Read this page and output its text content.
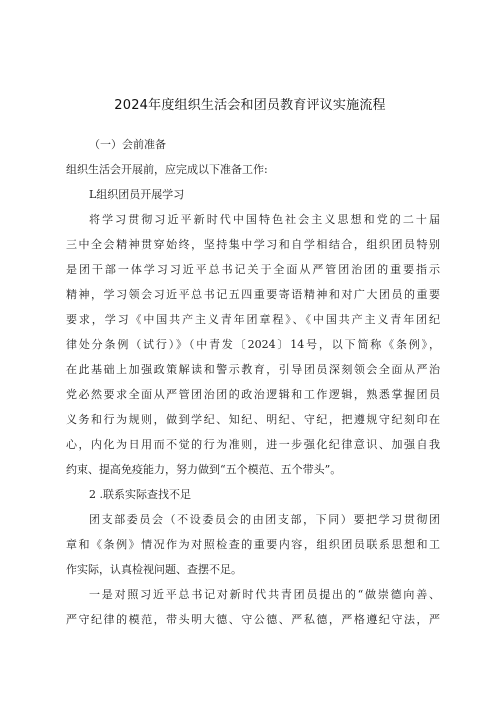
2024年度组织生活会和团员教育评议实施流程
（一）会前准备
组织生活会开展前，应完成以下准备工作:
L组织团员开展学习
将学习贯彻习近平新时代中国特色社会主义思想和党的二十届
三中全会精神贯穿始终，坚持集中学习和自学相结合，组织团员特别
是团干部一体学习习近平总书记关于全面从严管团治团的重要指示
精神，学习领会习近平总书记五四重要寄语精神和对广大团员的重要
要求，学习《中国共产主义青年团章程》、《中国共产主义青年团纪
律处分条例（试行）》（中青发〔2024〕14号，以下简称《条例》，
在此基础上加强政策解读和警示教育，引导团员深刻领会全面从严治
党必然要求全面从严管团治团的政治逻辑和工作逻辑，熟悉掌握团员
义务和行为规则，做到学纪、知纪、明纪、守纪，把遵规守纪刻印在
心，内化为日用而不觉的行为准则，进一步强化纪律意识、加强自我
约束、提高免疫能力，努力做到“五个模范、五个带头”。
2 .联系实际查找不足
团支部委员会（不设委员会的由团支部，下同）要把学习贯彻团
章和《条例》情况作为对照检查的重要内容，组织团员联系思想和工
作实际，认真检视问题、查摆不足。
一是对照习近平总书记对新时代共青团员提出的“做崇德向善、
严守纪律的模范，带头明大德、守公德、严私德，严格遵纪守法，严
